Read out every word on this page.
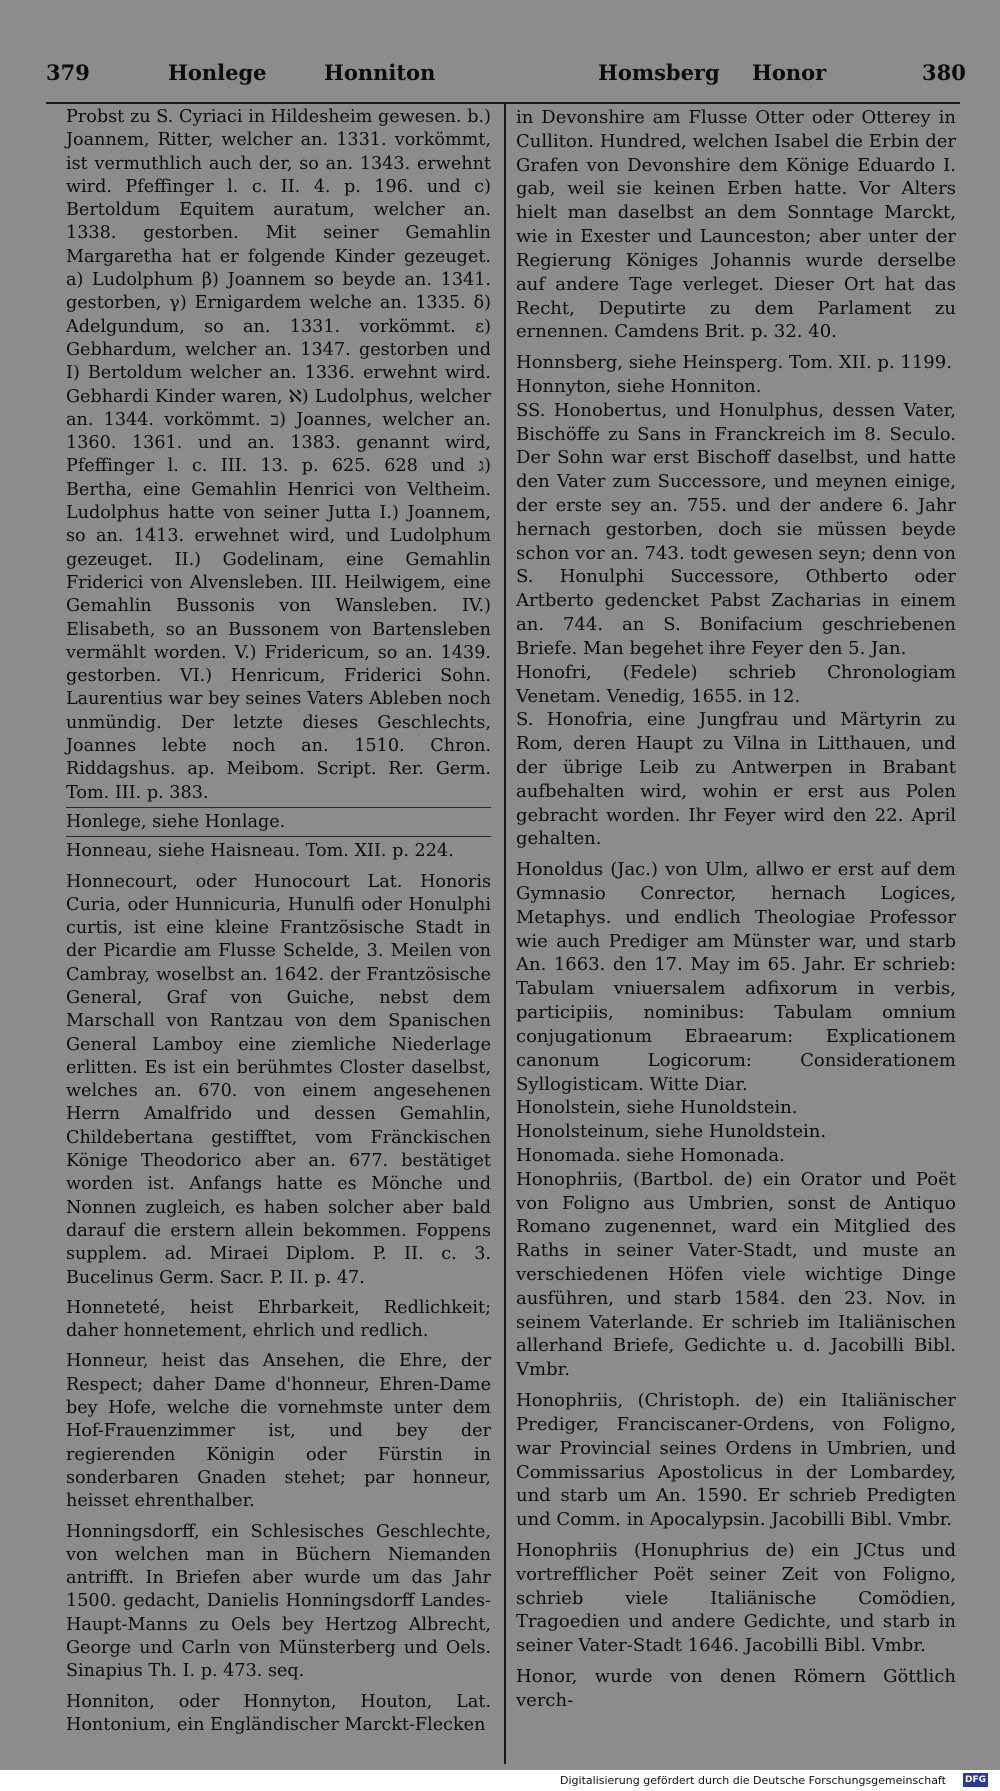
379	Honlege	Honniton	Homsberg Honor	380

Probst zu S. Cyriaci in Hildesheim gewesen. b.) Joannem, Ritter, welcher an. 1331. vorkömmt, ist vermuthlich auch der, so an. 1343. erwehnt wird. Pfeffinger l. c. II. 4. p. 196. und c) Bertoldum Equitem auratum, welcher an. 1338. gestorben. Mit seiner Gemahlin Margaretha hat er folgende Kinder gezeuget. a) Ludolphum β) Joannem so beyde an. 1341. gestorben, γ) Ernigardem welche an. 1335. δ) Adelgundum, so an. 1331. vorkömmt. ε) Gebhardum, welcher an. 1347. gestorben und I) Bertoldum welcher an. 1336. erwehnt wird. Gebhardi Kinder waren, ℵ) Ludolphus, welcher an. 1344. vorkömmt. ב) Joannes, welcher an. 1360. 1361. und an. 1383. genannt wird, Pfeffinger l. c. III. 13. p. 625. 628 und ג) Bertha, eine Gemahlin Henrici von Veltheim. Ludolphus hatte von seiner Jutta I.) Joannem, so an. 1413. erwehnet wird, und Ludolphum gezeuget. II.) Godelinam, eine Gemahlin Friderici von Alvensleben. III. Heilwigem, eine Gemahlin Bussonis von Wansleben. IV.) Elisabeth, so an Bussonem von Bartensleben vermählt worden. V.) Fridericum, so an. 1439. gestorben. VI.) Henricum, Friderici Sohn. Laurentius war bey seines Vaters Ableben noch unmündig. Der letzte dieses Geschlechts, Joannes lebte noch an. 1510. Chron. Riddagshus. ap. Meibom. Script. Rer. Germ. Tom. III. p. 383.

Honlege, siehe Honlage.

Honneau, siehe Haisneau. Tom. XII. p. 224.

Honnecourt, oder Hunocourt Lat. Honoris Curia, oder Hunnicuria, Hunulfi oder Honulphi curtis, ist eine kleine Frantzösische Stadt in der Picardie am Flusse Schelde, 3. Meilen von Cambray, woselbst an. 1642. der Frantzösische General, Graf von Guiche, nebst dem Marschall von Rantzau von dem Spanischen General Lamboy eine ziemliche Niederlage erlitten. Es ist ein berühmtes Closter daselbst, welches an. 670. von einem angesehenen Herrn Amalfrido und dessen Gemahlin, Childebertana gestifftet, vom Fränckischen Könige Theodorico aber an. 677. bestätiget worden ist. Anfangs hatte es Mönche und Nonnen zugleich, es haben solcher aber bald darauf die erstern allein bekommen. Foppens supplem. ad. Miraei Diplom. P. II. c. 3. Bucelinus Germ. Sacr. P. II. p. 47.

Honneteté, heist Ehrbarkeit, Redlichkeit; daher honnetement, ehrlich und redlich.

Honneur, heist das Ansehen, die Ehre, der Respect; daher Dame d'honneur, Ehren-Dame bey Hofe, welche die vornehmste unter dem Hof-Frauenzimmer ist, und bey der regierenden Königin oder Fürstin in sonderbaren Gnaden stehet; par honneur, heisset ehrenthalber.

Honningsdorff, ein Schlesisches Geschlechte, von welchen man in Büchern Niemanden antrifft. In Briefen aber wurde um das Jahr 1500. gedacht, Danielis Honningsdorff Landes-Haupt-Manns zu Oels bey Hertzog Albrecht, George und Carln von Münsterberg und Oels. Sinapius Th. I. p. 473. seq.

Honniton, oder Honnyton, Houton, Lat. Hontonium, ein Engländischer Marckt-Flecken

in Devonshire am Flusse Otter oder Otterey in Culliton. Hundred, welchen Isabel die Erbin der Grafen von Devonshire dem Könige Eduardo I. gab, weil sie keinen Erben hatte. Vor Alters hielt man daselbst an dem Sonntage Marckt, wie in Exester und Launceston; aber unter der Regierung Königes Johannis wurde derselbe auf andere Tage verleget. Dieser Ort hat das Recht, Deputirte zu dem Parlament zu ernennen. Camdens Brit. p. 32. 40.

Honnsberg, siehe Heinsperg. Tom. XII. p. 1199.

Honnyton, siehe Honniton.

SS. Honobertus, und Honulphus, dessen Vater, Bischöffe zu Sans in Franckreich im 8. Seculo. Der Sohn war erst Bischoff daselbst, und hatte den Vater zum Successore, und meynen einige, der erste sey an. 755. und der andere 6. Jahr hernach gestorben, doch sie müssen beyde schon vor an. 743. todt gewesen seyn; denn von S. Honulphi Successore, Othberto oder Artberto gedencket Pabst Zacharias in einem an. 744. an S. Bonifacium geschriebenen Briefe. Man begehet ihre Feyer den 5. Jan.

Honofri, (Fedele) schrieb Chronologiam Venetam. Venedig, 1655. in 12.

S. Honofria, eine Jungfrau und Märtyrin zu Rom, deren Haupt zu Vilna in Litthauen, und der übrige Leib zu Antwerpen in Brabant aufbehalten wird, wohin er erst aus Polen gebracht worden. Ihr Feyer wird den 22. April gehalten.

Honoldus (Jac.) von Ulm, allwo er erst auf dem Gymnasio Conrector, hernach Logices, Metaphys. und endlich Theologiae Professor wie auch Prediger am Münster war, und starb An. 1663. den 17. May im 65. Jahr. Er schrieb: Tabulam vniuersalem adfixorum in verbis, participiis, nominibus: Tabulam omnium conjugationum Ebraearum: Explicationem canonum Logicorum: Considerationem Syllogisticam. Witte Diar.

Honolstein, siehe Hunoldstein.

Honolsteinum, siehe Hunoldstein.

Honomada. siehe Homonada.

Honophriis, (Bartbol. de) ein Orator und Poët von Foligno aus Umbrien, sonst de Antiquo Romano zugenennet, ward ein Mitglied des Raths in seiner Vater-Stadt, und muste an verschiedenen Höfen viele wichtige Dinge ausführen, und starb 1584. den 23. Nov. in seinem Vaterlande. Er schrieb im Italiänischen allerhand Briefe, Gedichte u. d. Jacobilli Bibl. Vmbr.

Honophriis, (Christoph. de) ein Italiänischer Prediger, Franciscaner-Ordens, von Foligno, war Provincial seines Ordens in Umbrien, und Commissarius Apostolicus in der Lombardey, und starb um An. 1590. Er schrieb Predigten und Comm. in Apocalypsin. Jacobilli Bibl. Vmbr.

Honophriis (Honuphrius de) ein JCtus und vortrefflicher Poët seiner Zeit von Foligno, schrieb viele Italiänische Comödien, Tragoedien und andere Gedichte, und starb in seiner Vater-Stadt 1646. Jacobilli Bibl. Vmbr.

Honor, wurde von denen Römern Göttlich verch-

Digitalisierung gefördert durch die Deutsche Forschungsgemeinschaft	DFG
